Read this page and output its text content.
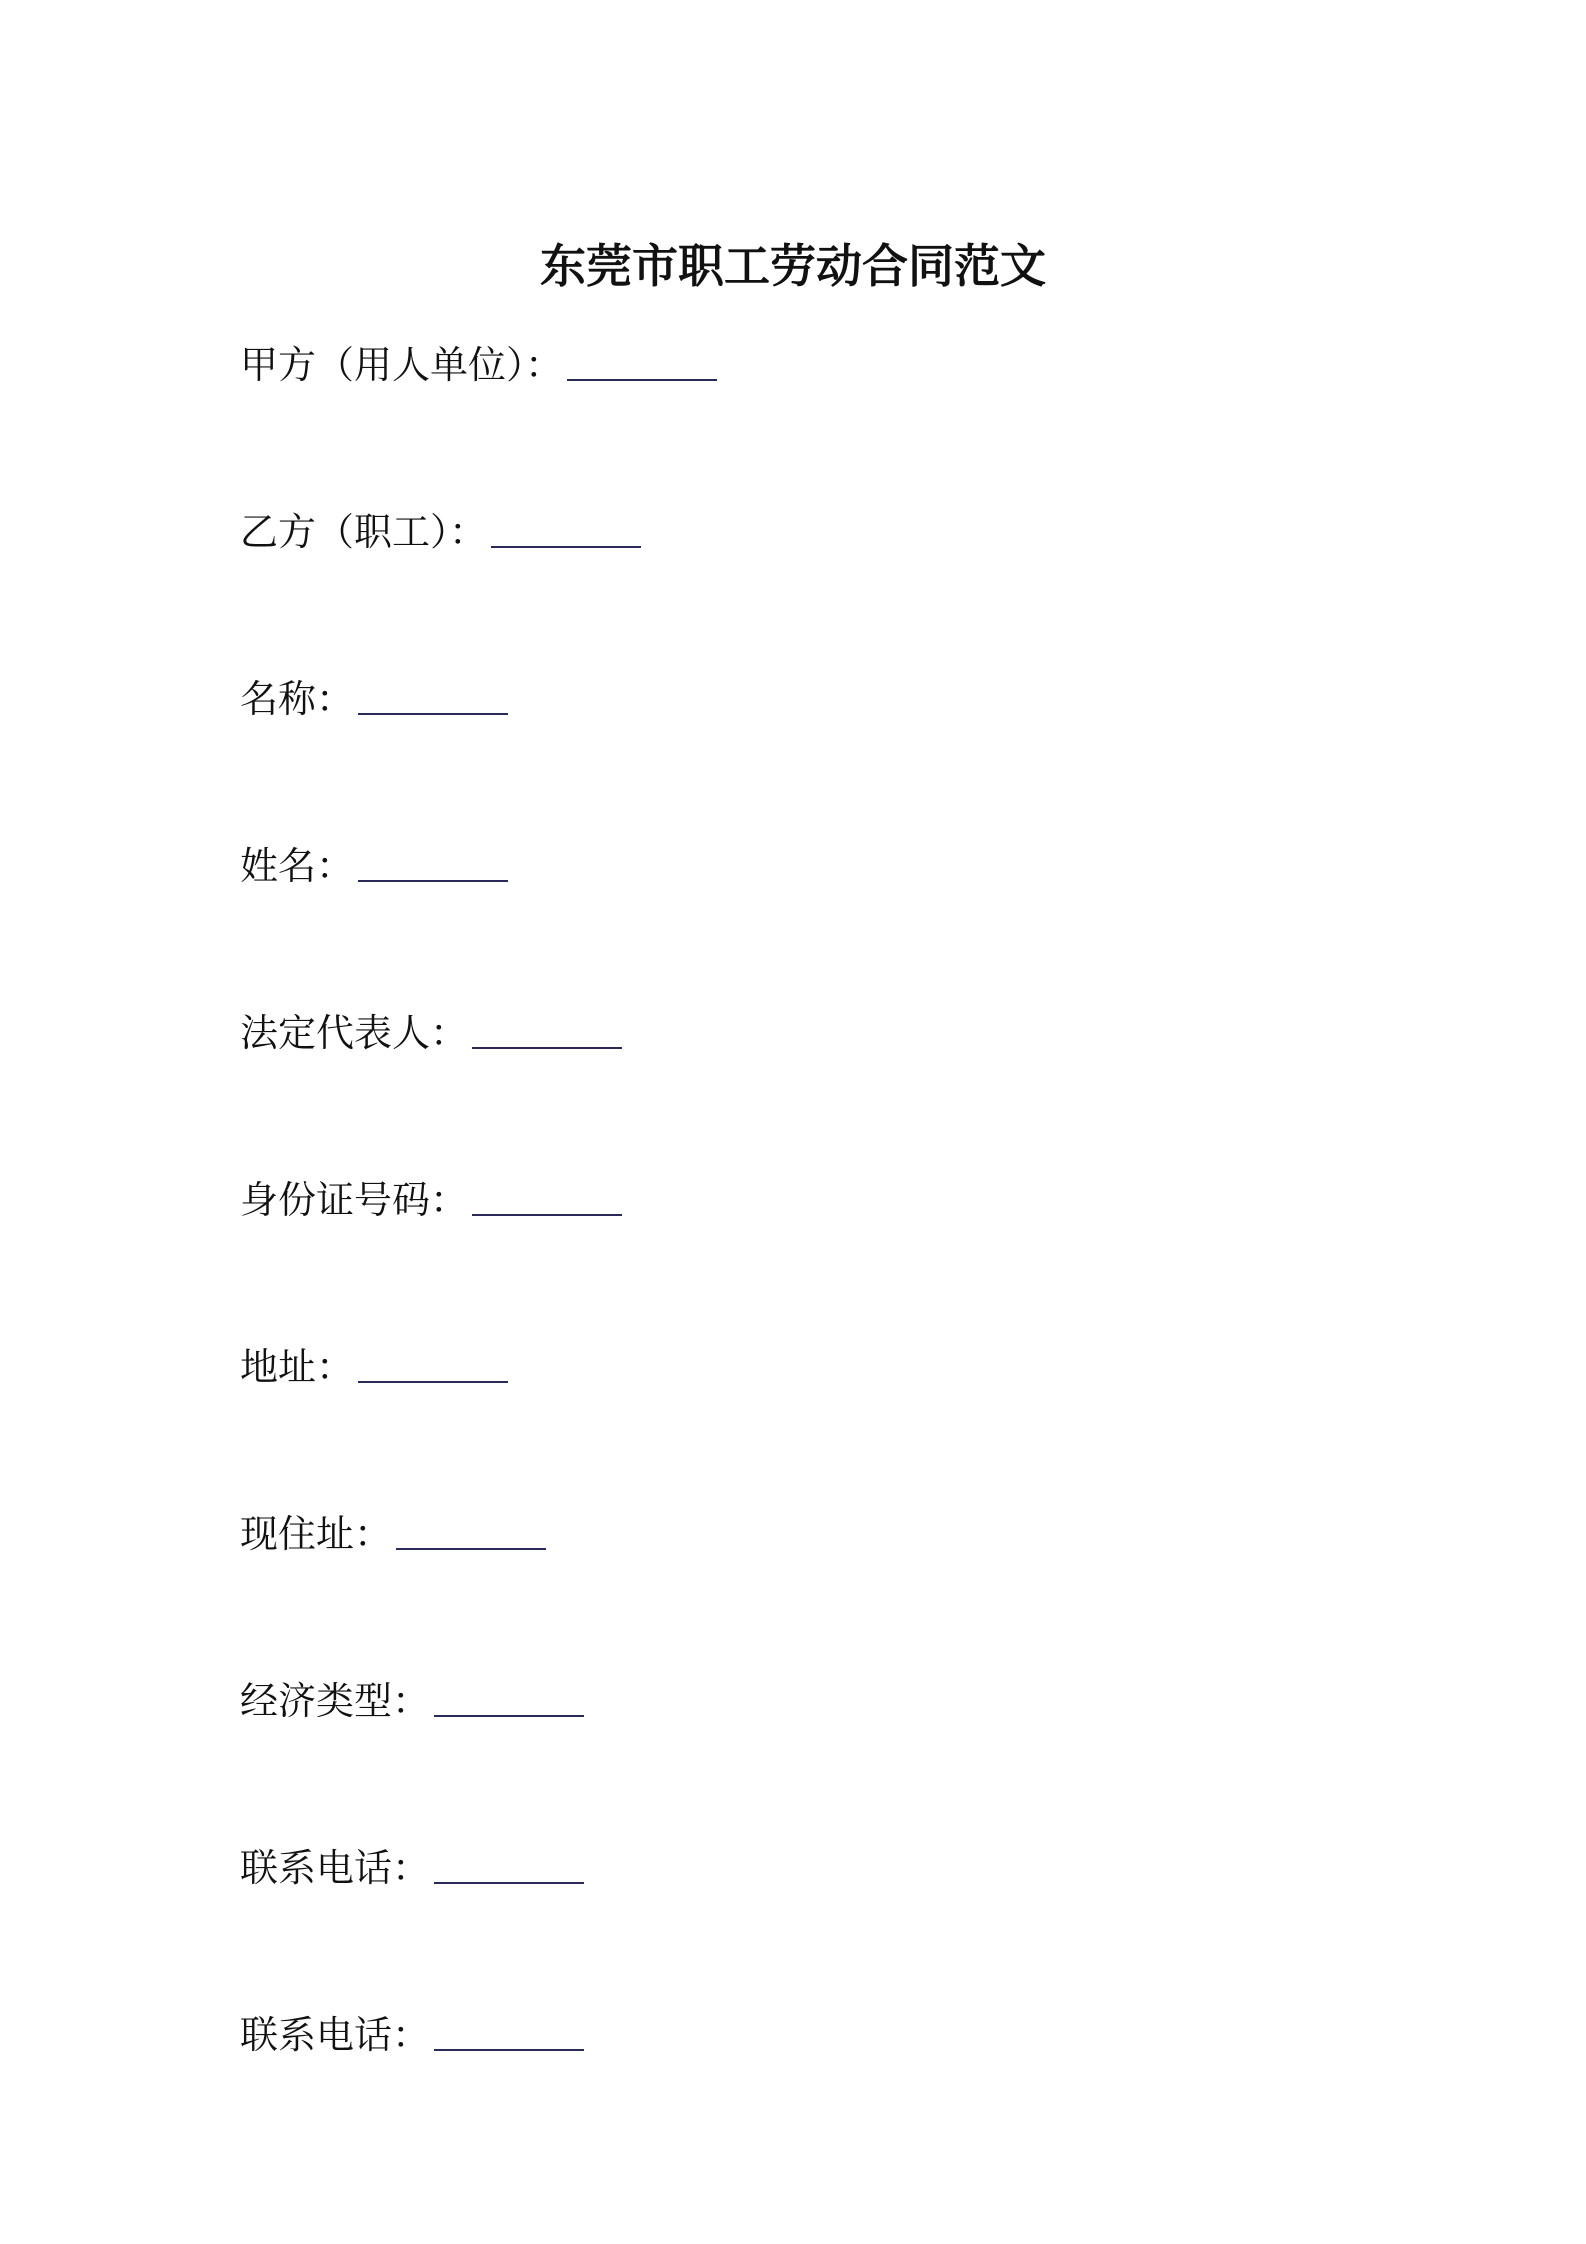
东莞市职工劳动合同范文
甲方（用人单位）：
乙方（职工）：
名称：
姓名：
法定代表人：
身份证号码：
地址：
现住址：
经济类型：
联系电话：
联系电话：
